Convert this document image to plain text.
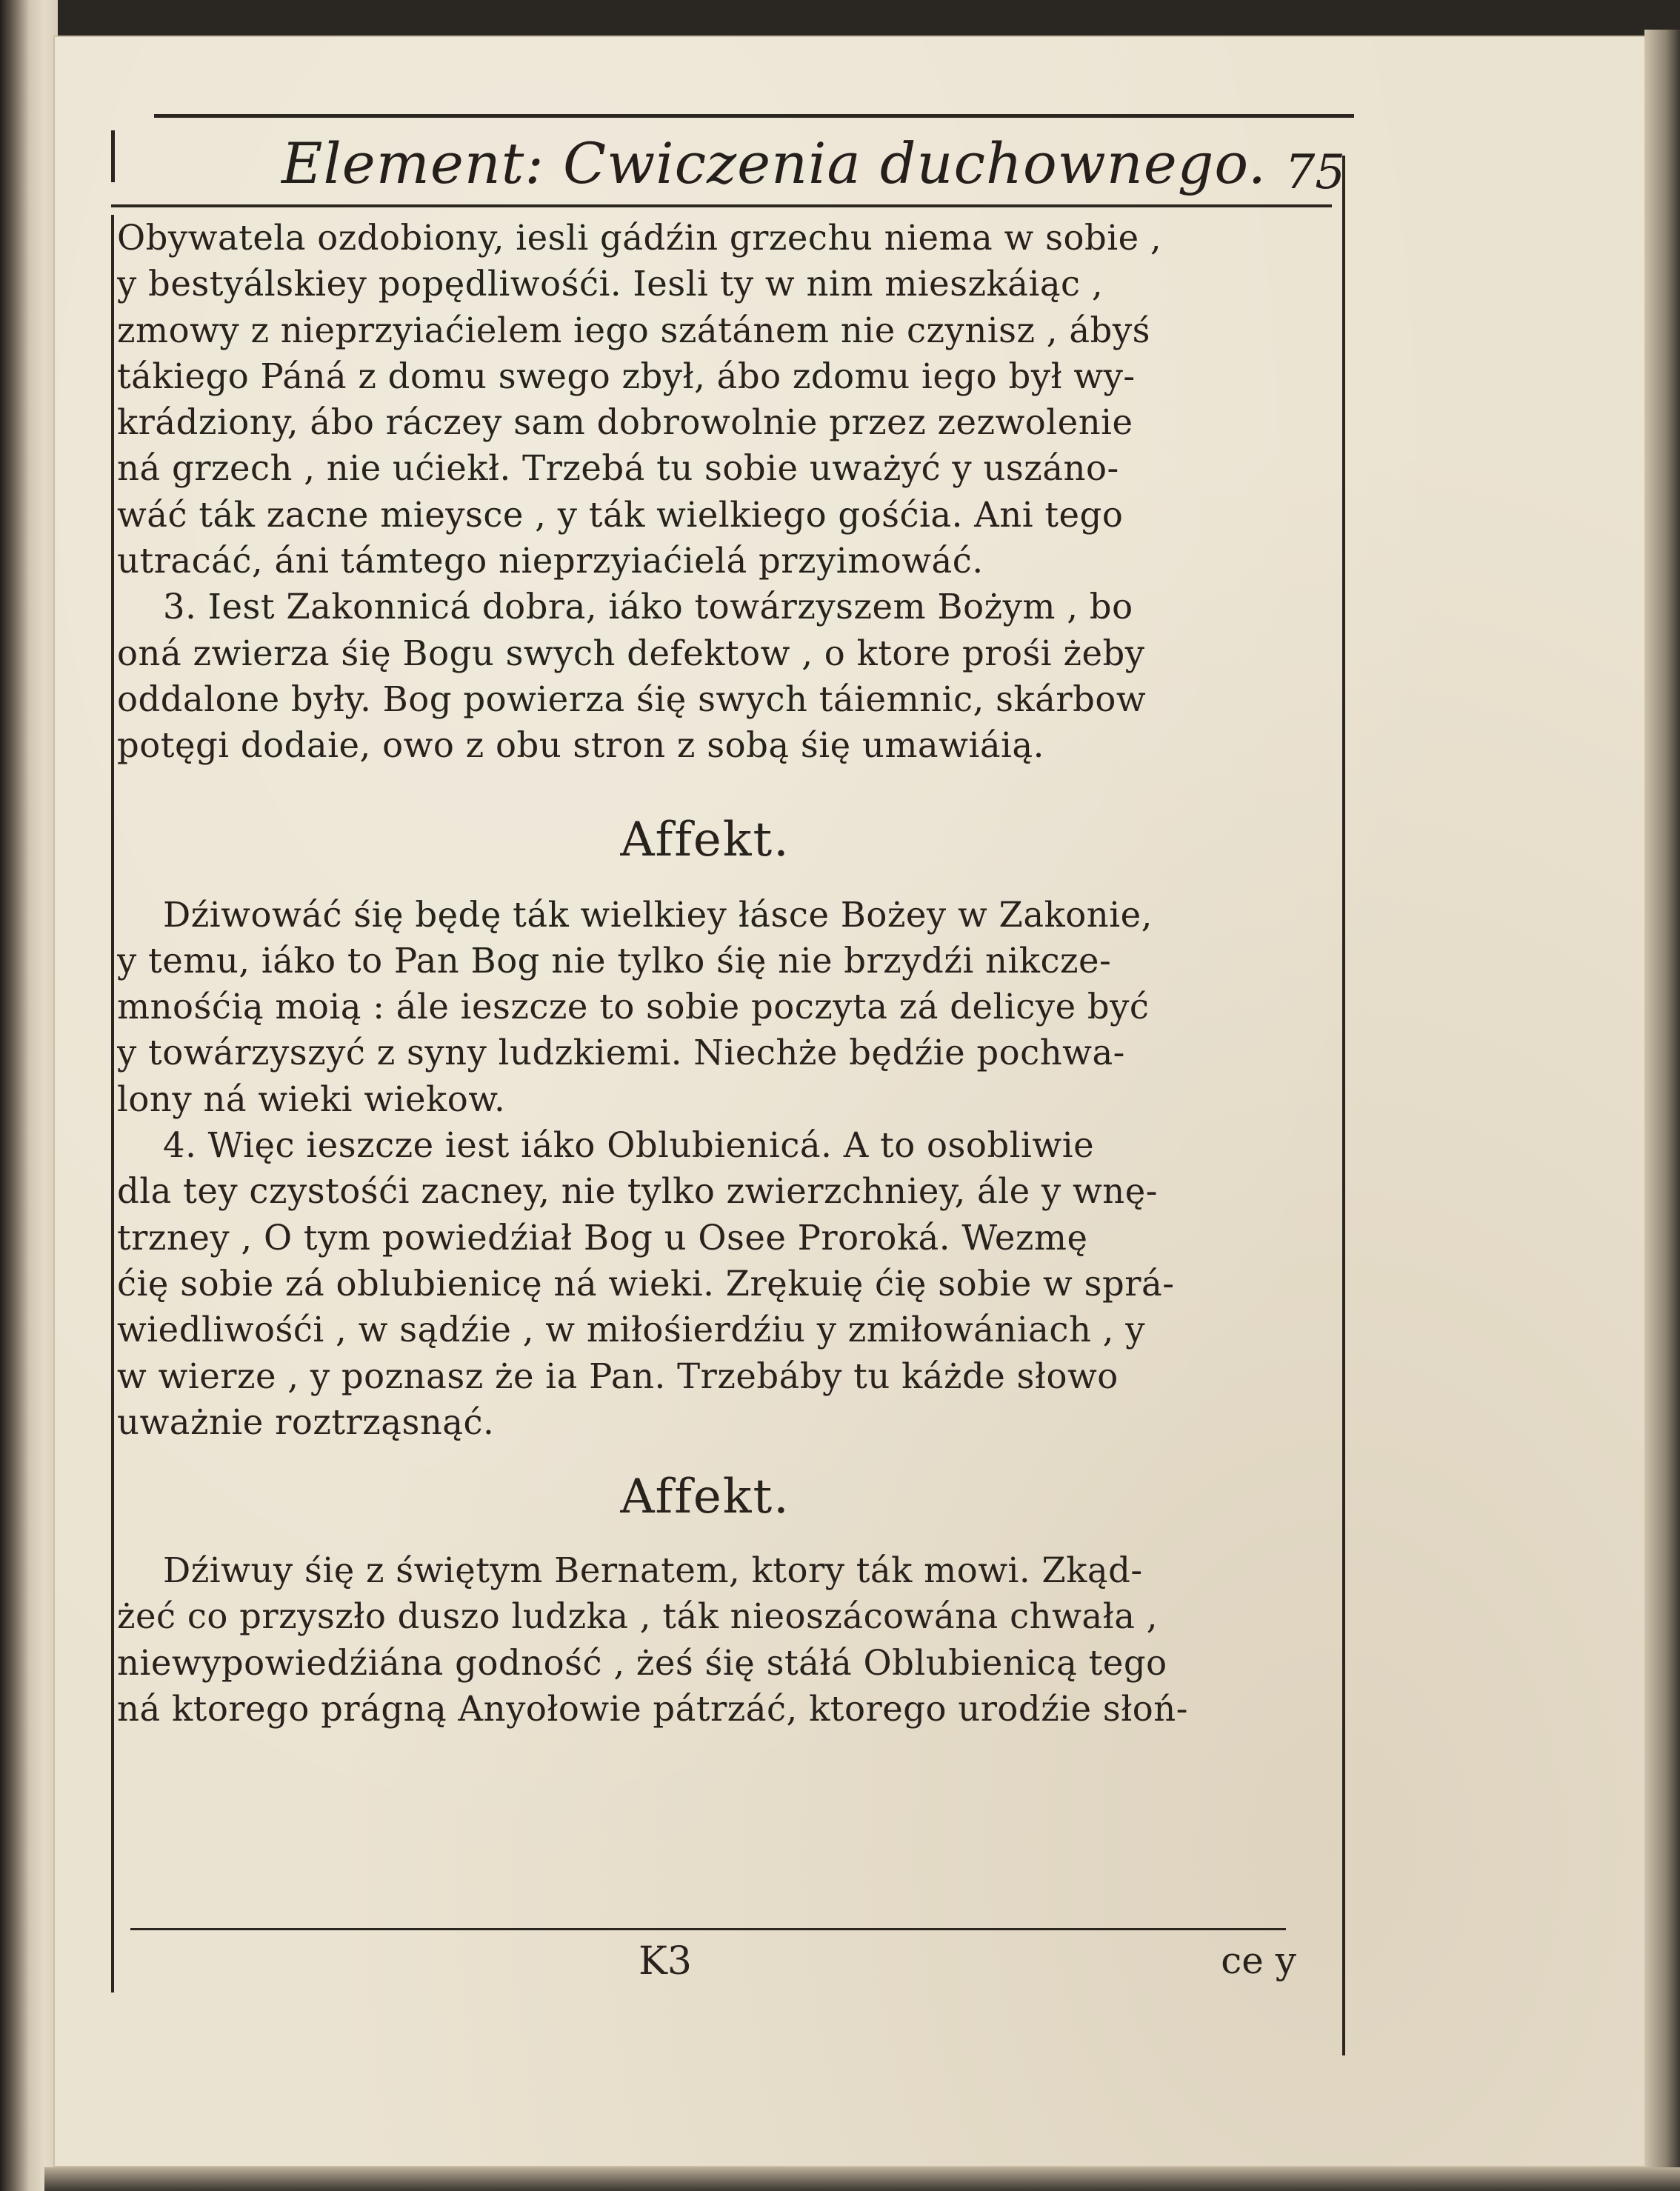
Element: Cwiczenia duchownego. 75
Obywatela ozdobiony, iesli gádźin grzechu niema w sobie ,
y bestyálskiey popędliwośći. Iesli ty w nim mieszkáiąc ,
zmowy z nieprzyiaćielem iego szátánem nie czynisz , ábyś
tákiego Páná z domu swego zbył, ábo zdomu iego był wy-
krádziony, ábo ráczey sam dobrowolnie przez zezwolenie
ná grzech , nie ućiekł. Trzebá tu sobie uważyć y uszáno-
wáć ták zacne mieysce , y ták wielkiego gośćia. Ani tego
utracáć, áni támtego nieprzyiaćielá przyimowáć.
3. Iest Zakonnicá dobra, iáko towárzyszem Bożym , bo
oná zwierza śię Bogu swych defektow , o ktore prośi żeby
oddalone były. Bog powierza śię swych táiemnic, skárbow
potęgi dodaie, owo z obu stron z sobą śię umawiáią.
Affekt.
Dźiwowáć śię będę ták wielkiey łásce Bożey w Zakonie,
y temu, iáko to Pan Bog nie tylko śię nie brzydźi nikcze-
mnośćią moią : ále ieszcze to sobie poczyta zá delicye być
y towárzyszyć z syny ludzkiemi. Niechże będźie pochwa-
lony ná wieki wiekow.
4. Więc ieszcze iest iáko Oblubienicá. A to osobliwie
dla tey czystośći zacney, nie tylko zwierzchniey, ále y wnę-
trzney , O tym powiedźiał Bog u Osee Proroká. Wezmę
ćię sobie zá oblubienicę ná wieki. Zrękuię ćię sobie w sprá-
wiedliwośći , w sądźie , w miłośierdźiu y zmiłowániach , y
w wierze , y poznasz że ia Pan. Trzebáby tu káżde słowo
uważnie roztrząsnąć.
Affekt.
Dźiwuy śię z świętym Bernatem, ktory ták mowi. Zkąd-
żeć co przyszło duszo ludzka , ták nieoszácowána chwała ,
niewypowiedźiána godność , żeś śię stáłá Oblubienicą tego
ná ktorego prágną Anyołowie pátrzáć, ktorego urodźie słoń-
K3	ce y
